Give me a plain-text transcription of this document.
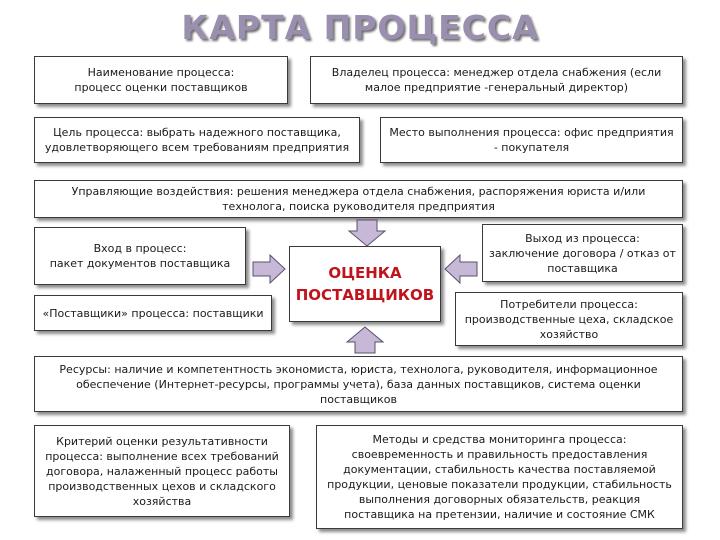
КАРТА ПРОЦЕССА
Наименование процесса:
процесс оценки поставщиков
Владелец процесса: менеджер отдела снабжения (если малое предприятие -генеральный директор)
Цель процесса: выбрать надежного поставщика, удовлетворяющего всем требованиям предприятия
Место выполнения процесса: офис предприятия - покупателя
Управляющие воздействия: решения менеджера отдела снабжения, распоряжения юриста и/или технолога, поиска руководителя предприятия
Вход в процесс:
пакет документов поставщика
«Поставщики» процесса: поставщики
ОЦЕНКА
ПОСТАВЩИКОВ
Выход из процесса:
заключение договора / отказ от поставщика
Потребители процесса:
производственные цеха, складское хозяйство
Ресурсы: наличие и компетентность экономиста, юриста, технолога, руководителя, информационное обеспечение (Интернет-ресурсы, программы учета), база данных поставщиков, система оценки поставщиков
Критерий оценки результативности процесса: выполнение всех требований договора, налаженный процесс работы производственных цехов и складского хозяйства
Методы и средства мониторинга процесса: своевременность и правильность предоставления документации, стабильность качества поставляемой продукции, ценовые показатели продукции, стабильность выполнения договорных обязательств, реакция поставщика на претензии, наличие и состояние СМК
